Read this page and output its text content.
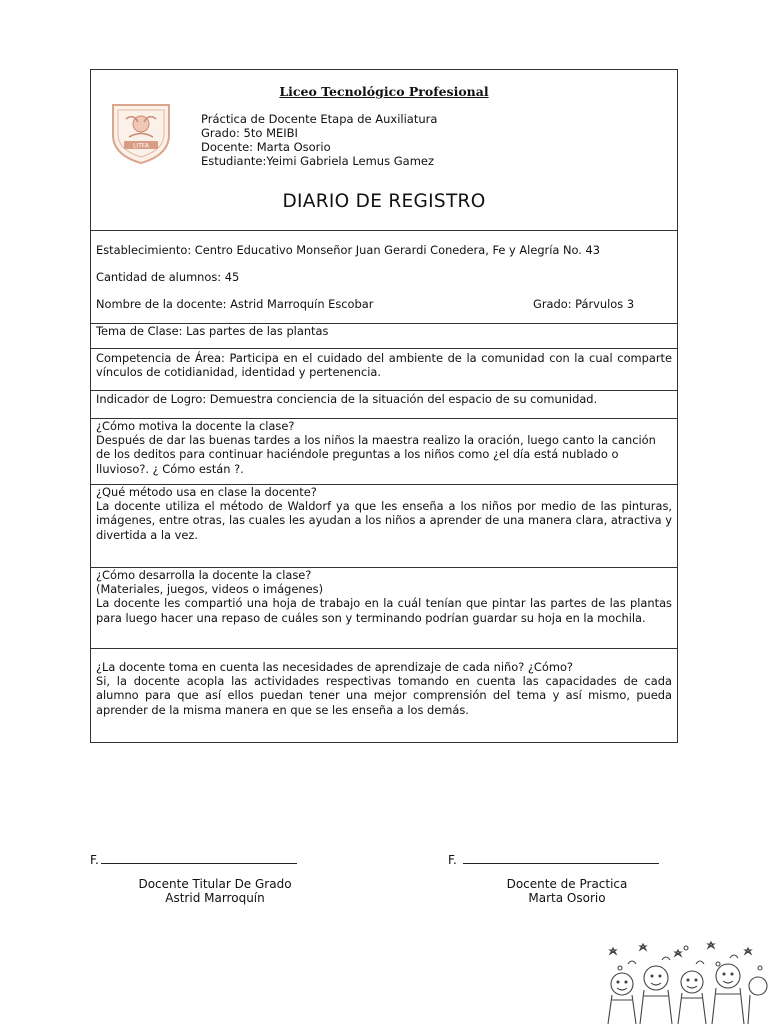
LITFA
Liceo Tecnológico Profesional
Práctica de Docente Etapa de Auxiliatura
Grado: 5to MEIBI
Docente: Marta Osorio
Estudiante:Yeimi Gabriela Lemus Gamez
DIARIO DE REGISTRO
Establecimiento: Centro Educativo Monseñor Juan Gerardi Conedera, Fe y Alegría No. 43
Cantidad de alumnos: 45
Nombre de la docente: Astrid Marroquín Escobar	Grado: Párvulos 3
Tema de Clase: Las partes de las plantas
Competencia de Área: Participa en el cuidado del ambiente de la comunidad con la cual comparte vínculos de cotidianidad, identidad y pertenencia.
Indicador de Logro: Demuestra conciencia de la situación del espacio de su comunidad.
¿Cómo motiva la docente la clase?
Después de dar las buenas tardes a los niños la maestra realizo la oración, luego canto la canción de los deditos para continuar haciéndole preguntas a los niños como ¿el día está nublado o lluvioso?. ¿ Cómo están ?.
¿Qué método usa en clase la docente?
La docente utiliza el método de Waldorf ya que les enseña a los niños por medio de las pinturas, imágenes, entre otras, las cuales les ayudan a los niños a aprender de una manera clara, atractiva y divertida a la vez.
¿Cómo desarrolla la docente la clase?
(Materiales, juegos, videos o imágenes)
La docente les compartió una hoja de trabajo en la cuál tenían que pintar las partes de las plantas para luego hacer una repaso de cuáles son y terminando podrían guardar su hoja en la mochila.
¿La docente toma en cuenta las necesidades de aprendizaje de cada niño? ¿Cómo?
Si, la docente acopla las actividades respectivas tomando en cuenta las capacidades de cada alumno para que así ellos puedan tener una mejor comprensión del tema y así mismo, pueda aprender de la misma manera en que se les enseña a los demás.
F.
Docente Titular De Grado
Astrid Marroquín
F.
Docente de Practica
Marta Osorio
